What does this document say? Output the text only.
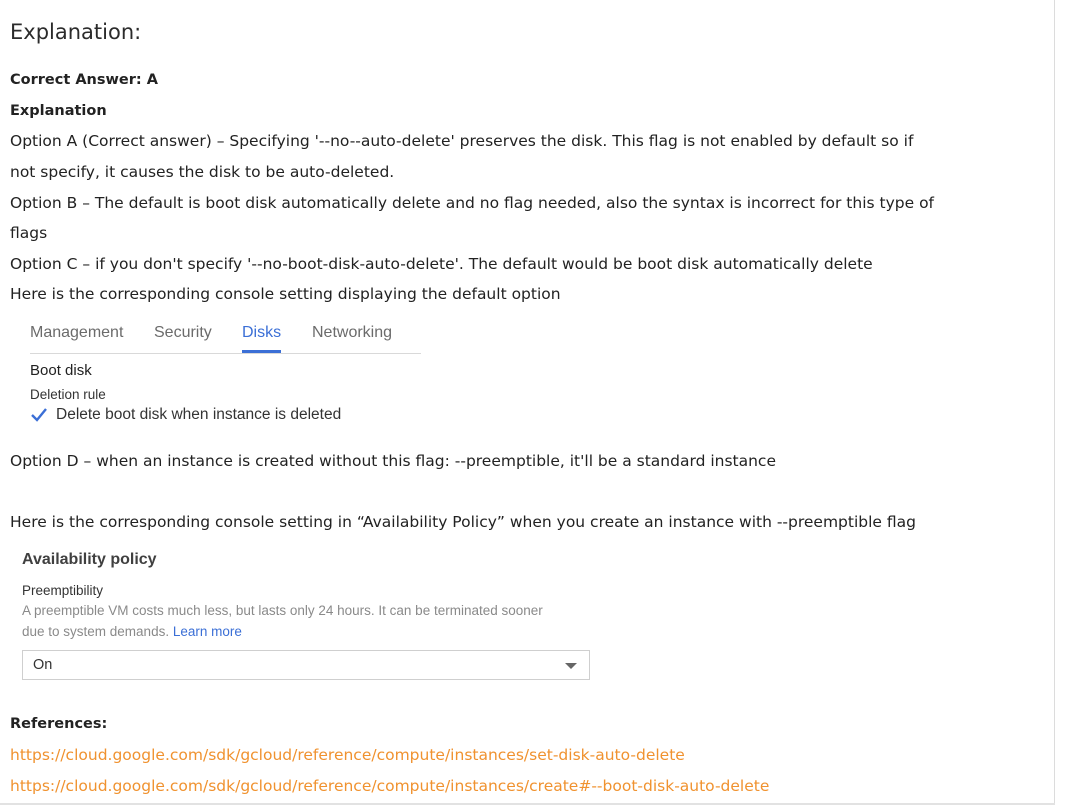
Explanation:
Correct Answer: A
Explanation
Option A (Correct answer) – Specifying '--no--auto-delete' preserves the disk. This flag is not enabled by default so if
not specify, it causes the disk to be auto-deleted.
Option B – The default is boot disk automatically delete and no flag needed, also the syntax is incorrect for this type of
flags
Option C – if you don't specify '--no-boot-disk-auto-delete'. The default would be boot disk automatically delete
Here is the corresponding console setting displaying the default option
Management Security Disks Networking
Boot disk
Deletion rule
Delete boot disk when instance is deleted
Option D – when an instance is created without this flag: --preemptible, it'll be a standard instance
Here is the corresponding console setting in “Availability Policy” when you create an instance with --preemptible flag
Availability policy
Preemptibility
A preemptible VM costs much less, but lasts only 24 hours. It can be terminated sooner
due to system demands. Learn more
On
References:
https://cloud.google.com/sdk/gcloud/reference/compute/instances/set-disk-auto-delete
https://cloud.google.com/sdk/gcloud/reference/compute/instances/create#--boot-disk-auto-delete
